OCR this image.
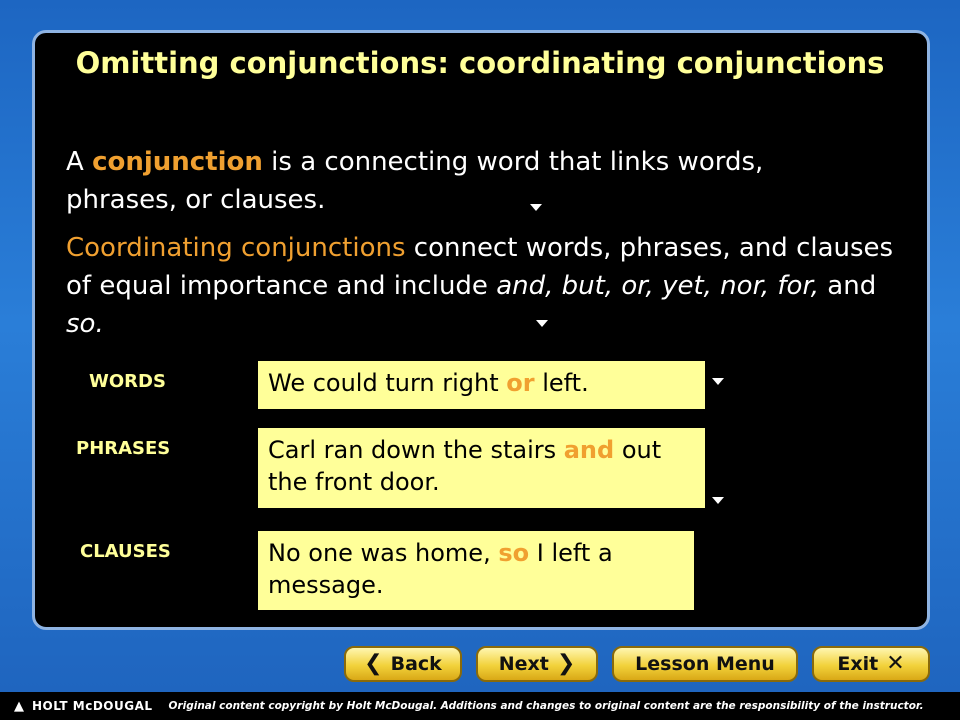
Omitting conjunctions: coordinating conjunctions
A conjunction is a connecting word that links words, phrases, or clauses.
Coordinating conjunctions connect words, phrases, and clauses of equal importance and include and, but, or, yet, nor, for, and so.
WORDS	We could turn right or left.
PHRASES	Carl ran down the stairs and out the front door.
CLAUSES	No one was home, so I left a message.
❮ Back	Next ❯	Lesson Menu	Exit ✕
▲ HOLT McDOUGAL Original content copyright by Holt McDougal. Additions and changes to original content are the responsibility of the instructor.
